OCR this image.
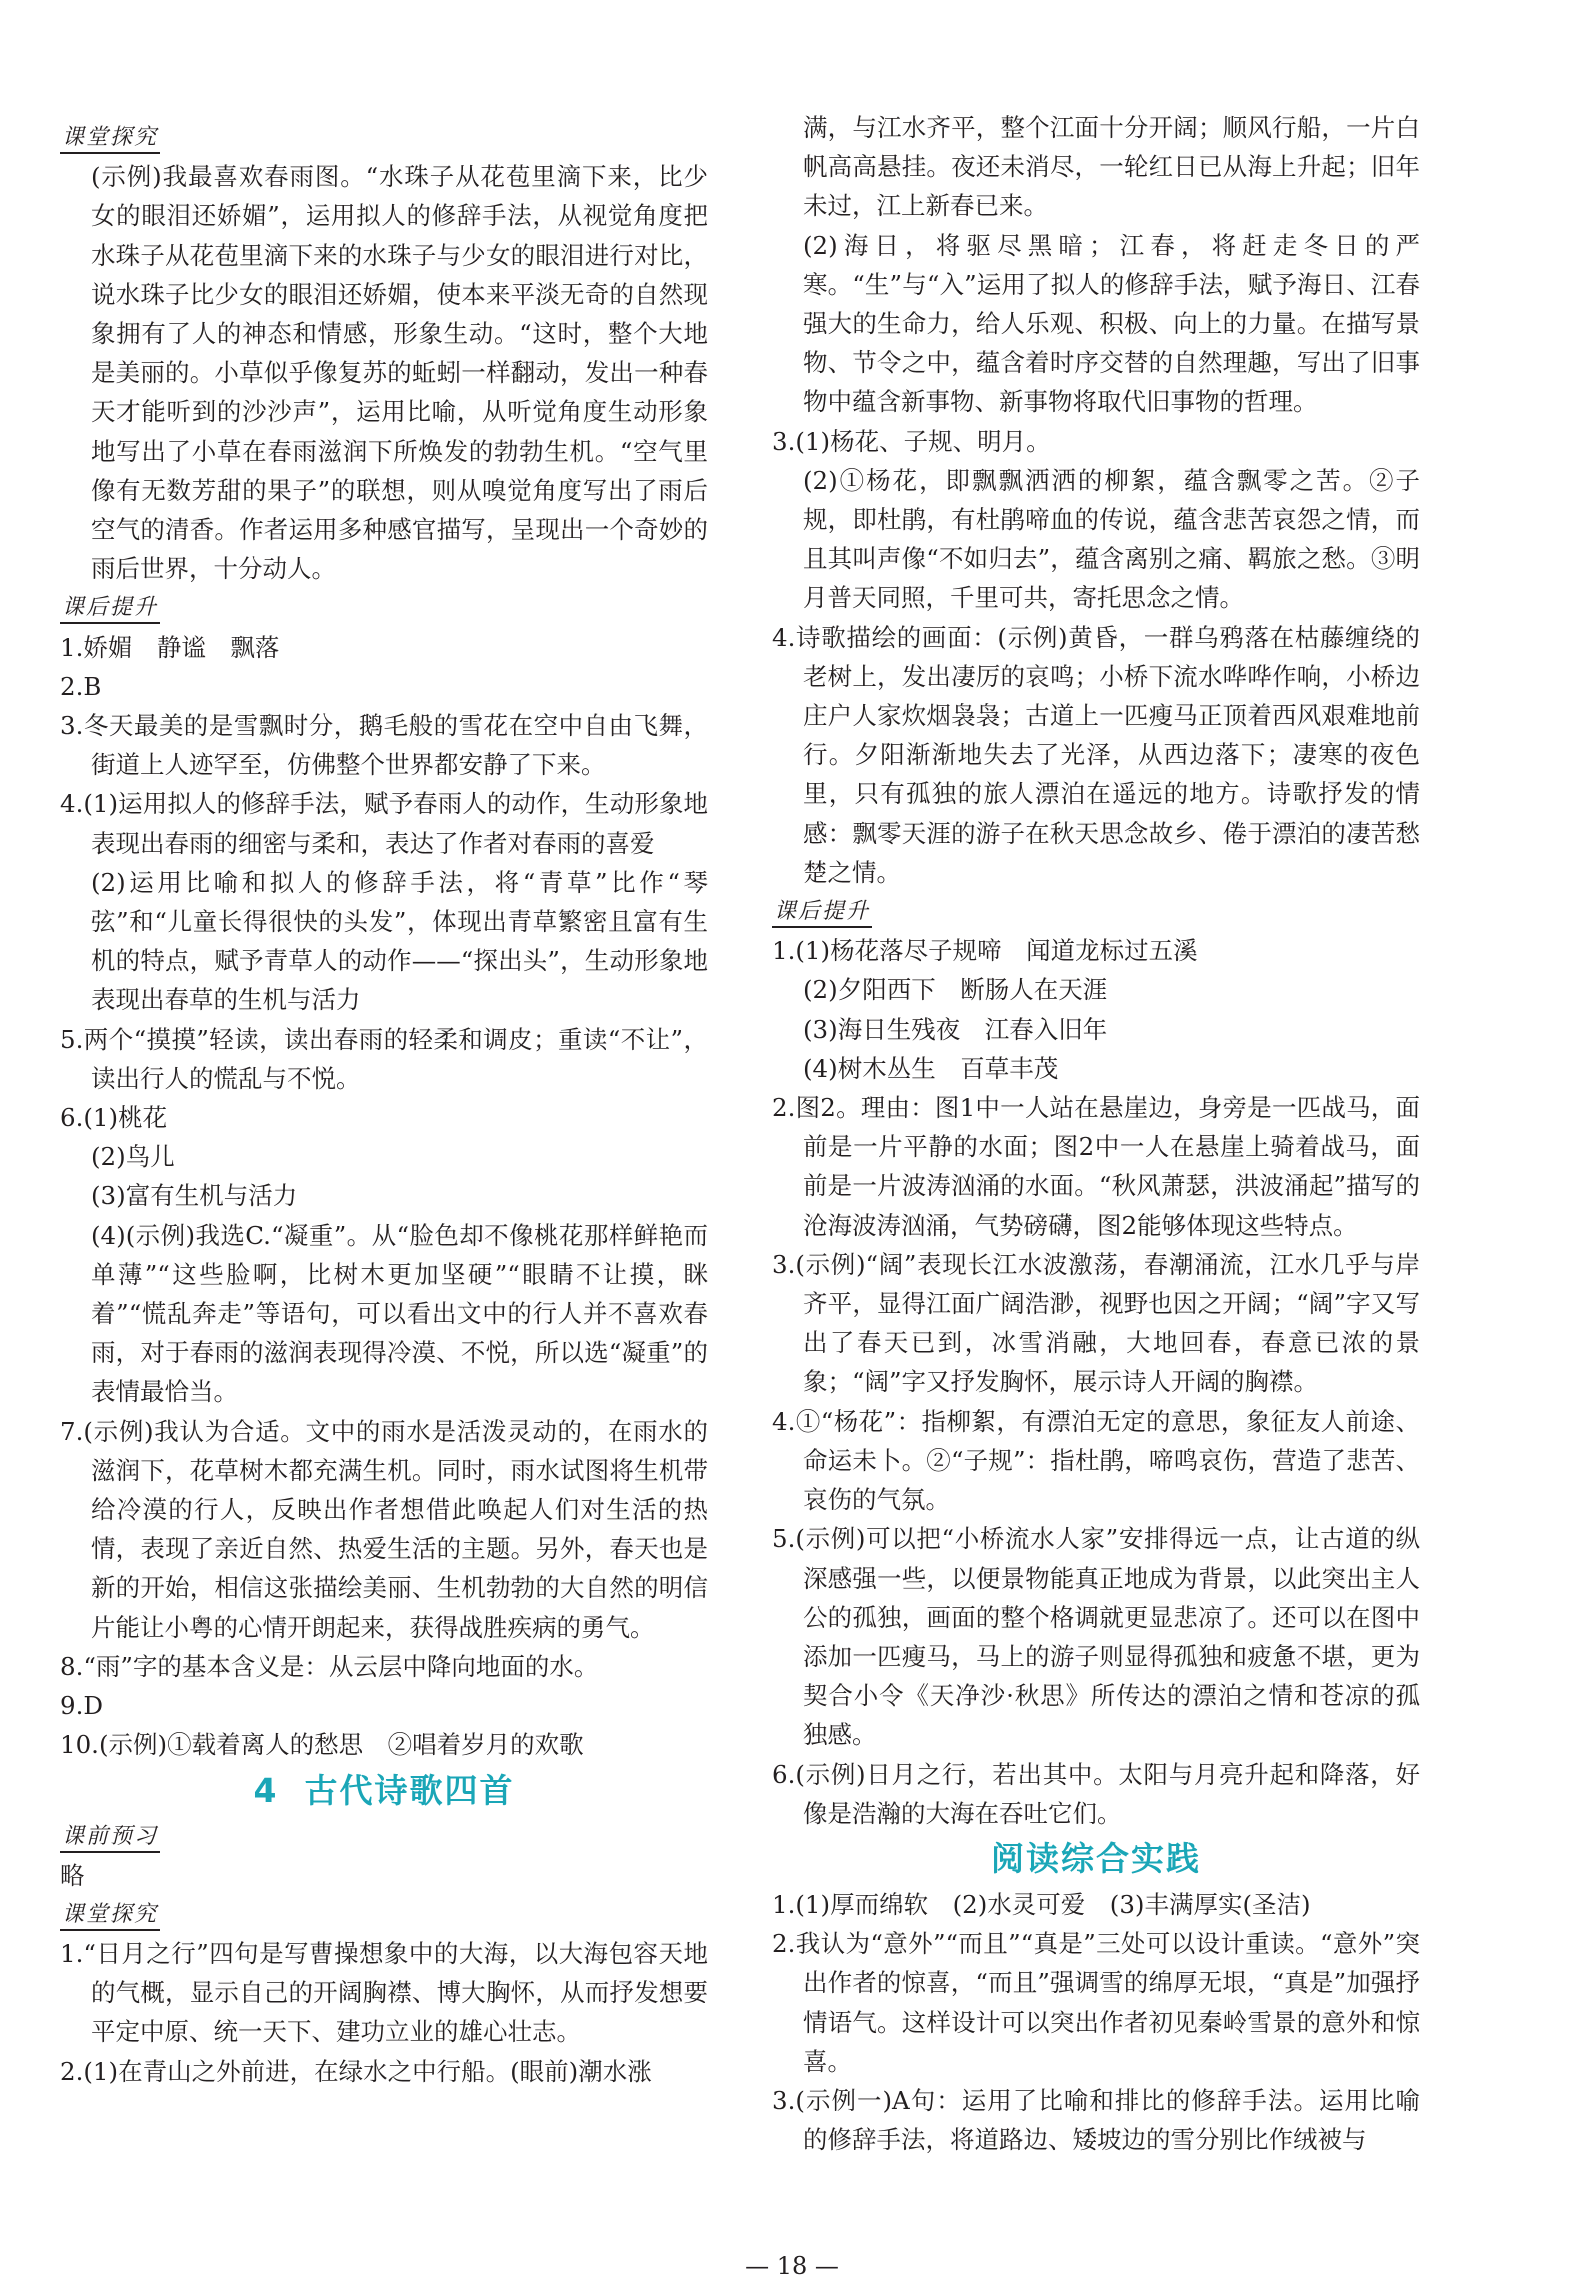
课堂探究

(示例)我最喜欢春雨图。“水珠子从花苞里滴下来，比少女的眼泪还娇媚”，运用拟人的修辞手法，从视觉角度把水珠子从花苞里滴下来的水珠子与少女的眼泪进行对比，说水珠子比少女的眼泪还娇媚，使本来平淡无奇的自然现象拥有了人的神态和情感，形象生动。“这时，整个大地是美丽的。小草似乎像复苏的蚯蚓一样翻动，发出一种春天才能听到的沙沙声”，运用比喻，从听觉角度生动形象地写出了小草在春雨滋润下所焕发的勃勃生机。“空气里像有无数芳甜的果子”的联想，则从嗅觉角度写出了雨后空气的清香。作者运用多种感官描写，呈现出一个奇妙的雨后世界，十分动人。

课后提升

1.娇媚　静谧　飘落

2.B

3.冬天最美的是雪飘时分，鹅毛般的雪花在空中自由飞舞，街道上人迹罕至，仿佛整个世界都安静了下来。

4.(1)运用拟人的修辞手法，赋予春雨人的动作，生动形象地表现出春雨的细密与柔和，表达了作者对春雨的喜爱

(2)运用比喻和拟人的修辞手法，将“青草”比作“琴弦”和“儿童长得很快的头发”，体现出青草繁密且富有生机的特点，赋予青草人的动作——“探出头”，生动形象地表现出春草的生机与活力

5.两个“摸摸”轻读，读出春雨的轻柔和调皮；重读“不让”，读出行人的慌乱与不悦。

6.(1)桃花

(2)鸟儿

(3)富有生机与活力

(4)(示例)我选C.“凝重”。从“脸色却不像桃花那样鲜艳而单薄”“这些脸啊，比树木更加坚硬”“眼睛不让摸，眯着”“慌乱奔走”等语句，可以看出文中的行人并不喜欢春雨，对于春雨的滋润表现得冷漠、不悦，所以选“凝重”的表情最恰当。

7.(示例)我认为合适。文中的雨水是活泼灵动的，在雨水的滋润下，花草树木都充满生机。同时，雨水试图将生机带给冷漠的行人，反映出作者想借此唤起人们对生活的热情，表现了亲近自然、热爱生活的主题。另外，春天也是新的开始，相信这张描绘美丽、生机勃勃的大自然的明信片能让小粤的心情开朗起来，获得战胜疾病的勇气。

8.“雨”字的基本含义是：从云层中降向地面的水。

9.D

10.(示例)①载着离人的愁思　②唱着岁月的欢歌

4 古代诗歌四首
课前预习

略

课堂探究

1.“日月之行”四句是写曹操想象中的大海，以大海包容天地的气概，显示自己的开阔胸襟、博大胸怀，从而抒发想要平定中原、统一天下、建功立业的雄心壮志。

2.(1)在青山之外前进，在绿水之中行船。(眼前)潮水涨

满，与江水齐平，整个江面十分开阔；顺风行船，一片白帆高高悬挂。夜还未消尽，一轮红日已从海上升起；旧年未过，江上新春已来。

(2)海日，将驱尽黑暗；江春，将赶走冬日的严寒。“生”与“入”运用了拟人的修辞手法，赋予海日、江春强大的生命力，给人乐观、积极、向上的力量。在描写景物、节令之中，蕴含着时序交替的自然理趣，写出了旧事物中蕴含新事物、新事物将取代旧事物的哲理。

3.(1)杨花、子规、明月。

(2)①杨花，即飘飘洒洒的柳絮，蕴含飘零之苦。②子规，即杜鹃，有杜鹃啼血的传说，蕴含悲苦哀怨之情，而且其叫声像“不如归去”，蕴含离别之痛、羁旅之愁。③明月普天同照，千里可共，寄托思念之情。

4.诗歌描绘的画面：(示例)黄昏，一群乌鸦落在枯藤缠绕的老树上，发出凄厉的哀鸣；小桥下流水哗哗作响，小桥边庄户人家炊烟袅袅；古道上一匹瘦马正顶着西风艰难地前行。夕阳渐渐地失去了光泽，从西边落下；凄寒的夜色里，只有孤独的旅人漂泊在遥远的地方。诗歌抒发的情感：飘零天涯的游子在秋天思念故乡、倦于漂泊的凄苦愁楚之情。

课后提升

1.(1)杨花落尽子规啼　闻道龙标过五溪

(2)夕阳西下　断肠人在天涯

(3)海日生残夜　江春入旧年

(4)树木丛生　百草丰茂

2.图2。理由：图1中一人站在悬崖边，身旁是一匹战马，面前是一片平静的水面；图2中一人在悬崖上骑着战马，面前是一片波涛汹涌的水面。“秋风萧瑟，洪波涌起”描写的沧海波涛汹涌，气势磅礴，图2能够体现这些特点。

3.(示例)“阔”表现长江水波激荡，春潮涌流，江水几乎与岸齐平，显得江面广阔浩渺，视野也因之开阔；“阔”字又写出了春天已到，冰雪消融，大地回春，春意已浓的景象；“阔”字又抒发胸怀，展示诗人开阔的胸襟。

4.①“杨花”：指柳絮，有漂泊无定的意思，象征友人前途、命运未卜。②“子规”：指杜鹃，啼鸣哀伤，营造了悲苦、哀伤的气氛。

5.(示例)可以把“小桥流水人家”安排得远一点，让古道的纵深感强一些，以便景物能真正地成为背景，以此突出主人公的孤独，画面的整个格调就更显悲凉了。还可以在图中添加一匹瘦马，马上的游子则显得孤独和疲惫不堪，更为契合小令《天净沙·秋思》所传达的漂泊之情和苍凉的孤独感。

6.(示例)日月之行，若出其中。太阳与月亮升起和降落，好像是浩瀚的大海在吞吐它们。

阅读综合实践

1.(1)厚而绵软　(2)水灵可爱　(3)丰满厚实(圣洁)

2.我认为“意外”“而且”“真是”三处可以设计重读。“意外”突出作者的惊喜，“而且”强调雪的绵厚无垠，“真是”加强抒情语气。这样设计可以突出作者初见秦岭雪景的意外和惊喜。

3.(示例一)A句：运用了比喻和排比的修辞手法。运用比喻的修辞手法，将道路边、矮坡边的雪分别比作绒被与

— 18 —
